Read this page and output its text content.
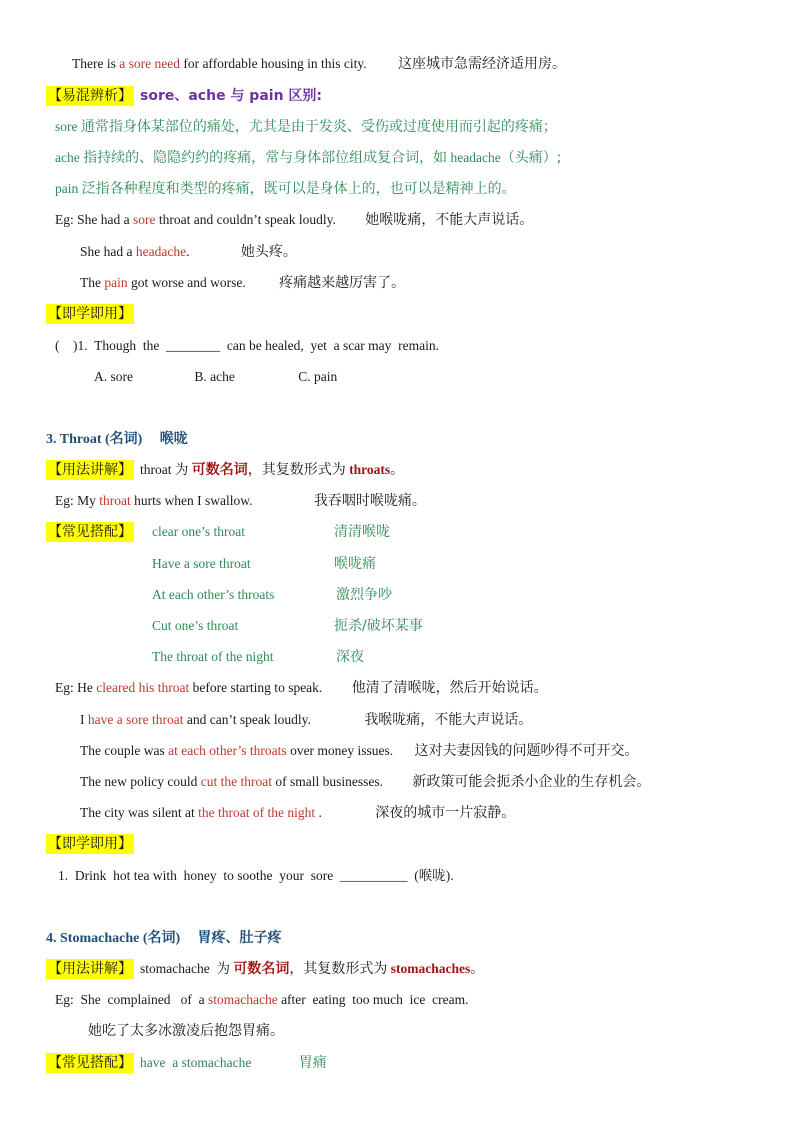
There is a sore need for affordable housing in this city. 这座城市急需经济适用房。
【易混辨析】 sore、ache 与 pain 区别:
sore 通常指身体某部位的痛处，尤其是由于发炎、受伤或过度使用而引起的疼痛；
ache 指持续的、隐隐约约的疼痛，常与身体部位组成复合词，如 headache（头痛）;
pain 泛指各种程度和类型的疼痛，既可以是身体上的，也可以是精神上的。
Eg: She had a sore throat and couldn’t speak loudly. 她喉咙痛，不能大声说话。
She had a headache.	她头疼。
The pain got worse and worse. 疼痛越来越厉害了。
【即学即用】
(    )1.  Though  the  ________  can be healed,  yet  a scar may  remain.
A. sore	B. ache	C. pain
3. Throat (名词) 喉咙
【用法讲解】 throat 为 可数名词，其复数形式为 throats。
Eg: My throat hurts when I swallow.	我吞咽时喉咙痛。
【常见搭配】	clear one’s throat	清清喉咙
Have a sore throat	喉咙痛
At each other’s throats	激烈争吵
Cut one’s throat	扼杀/破坏某事
The throat of the night	深夜
Eg: He cleared his throat before starting to speak. 他清了清喉咙，然后开始说话。
I have a sore throat and can’t speak loudly.	我喉咙痛，不能大声说话。
The couple was at each other’s throats over money issues. 这对夫妻因钱的问题吵得不可开交。
The new policy could cut the throat of small businesses. 新政策可能会扼杀小企业的生存机会。
The city was silent at the throat of the night .	深夜的城市一片寂静。
【即学即用】
1.  Drink  hot tea with  honey  to soothe  your  sore  __________  (喉咙).
4. Stomachache (名词) 胃疼、肚子疼
【用法讲解】 stomachache  为 可数名词，其复数形式为 stomachaches。
Eg:  She  complained   of  a stomachache after  eating  too much  ice  cream.
她吃了太多冰激凌后抱怨胃痛。
【常见搭配】 have  a stomachache	胃痛
